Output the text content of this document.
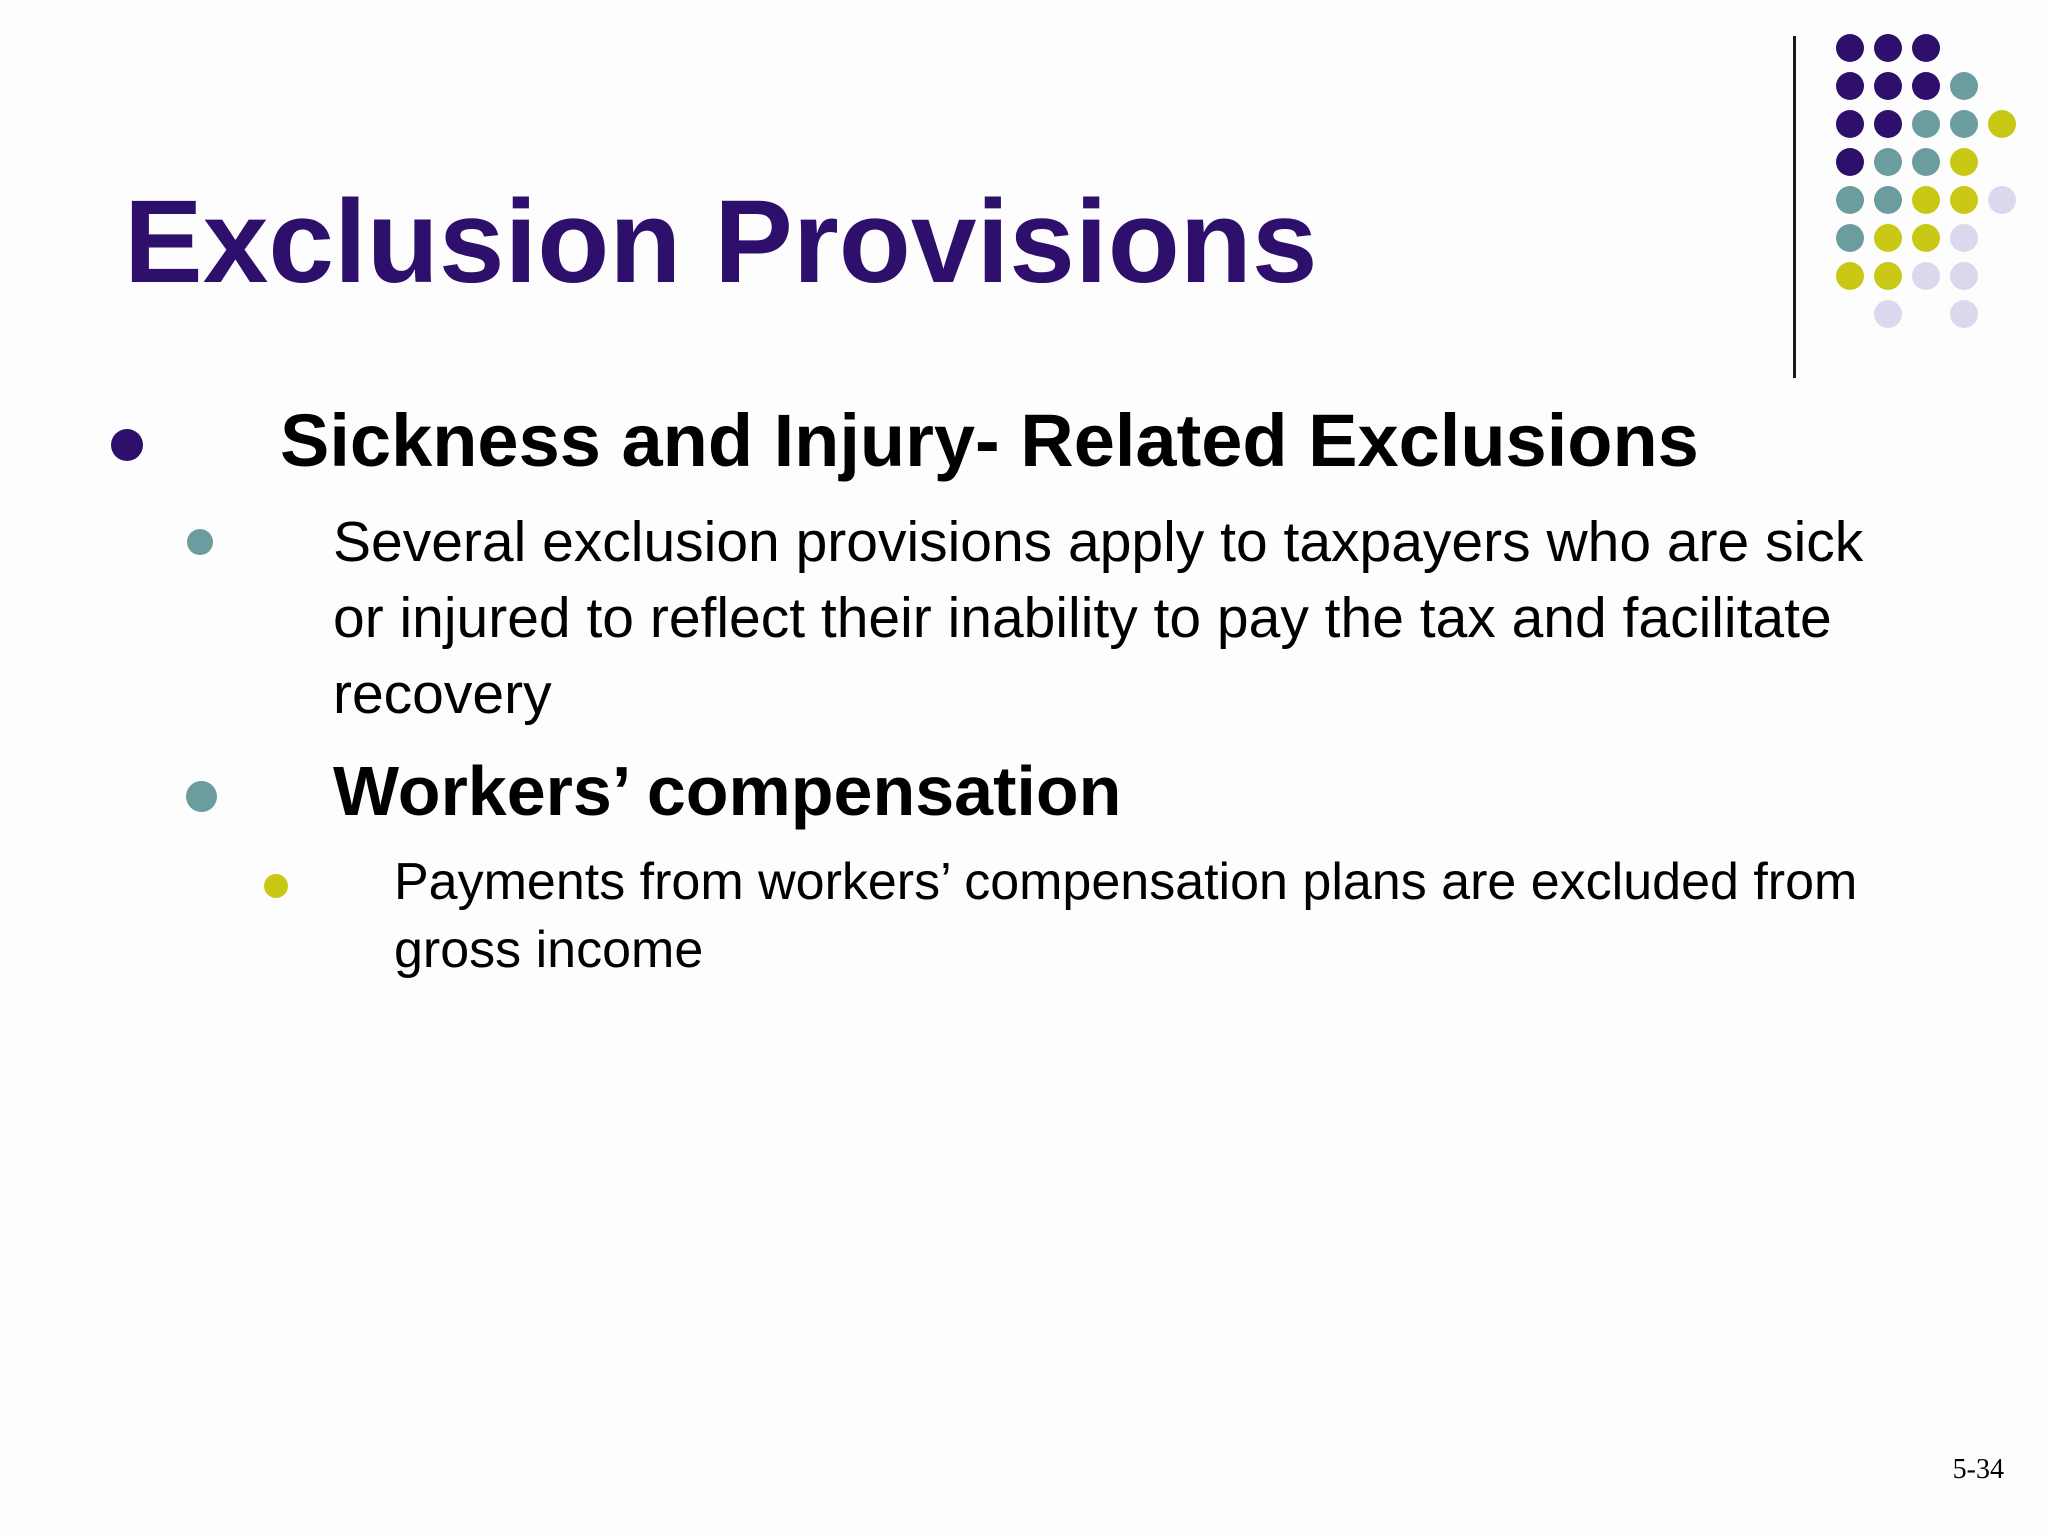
Exclusion Provisions
Sickness and Injury- Related Exclusions
Several exclusion provisions apply to taxpayers who are sick or injured to reflect their inability to pay the tax and facilitate recovery
Workers’ compensation
Payments from workers’ compensation plans are excluded from gross income
5-34
